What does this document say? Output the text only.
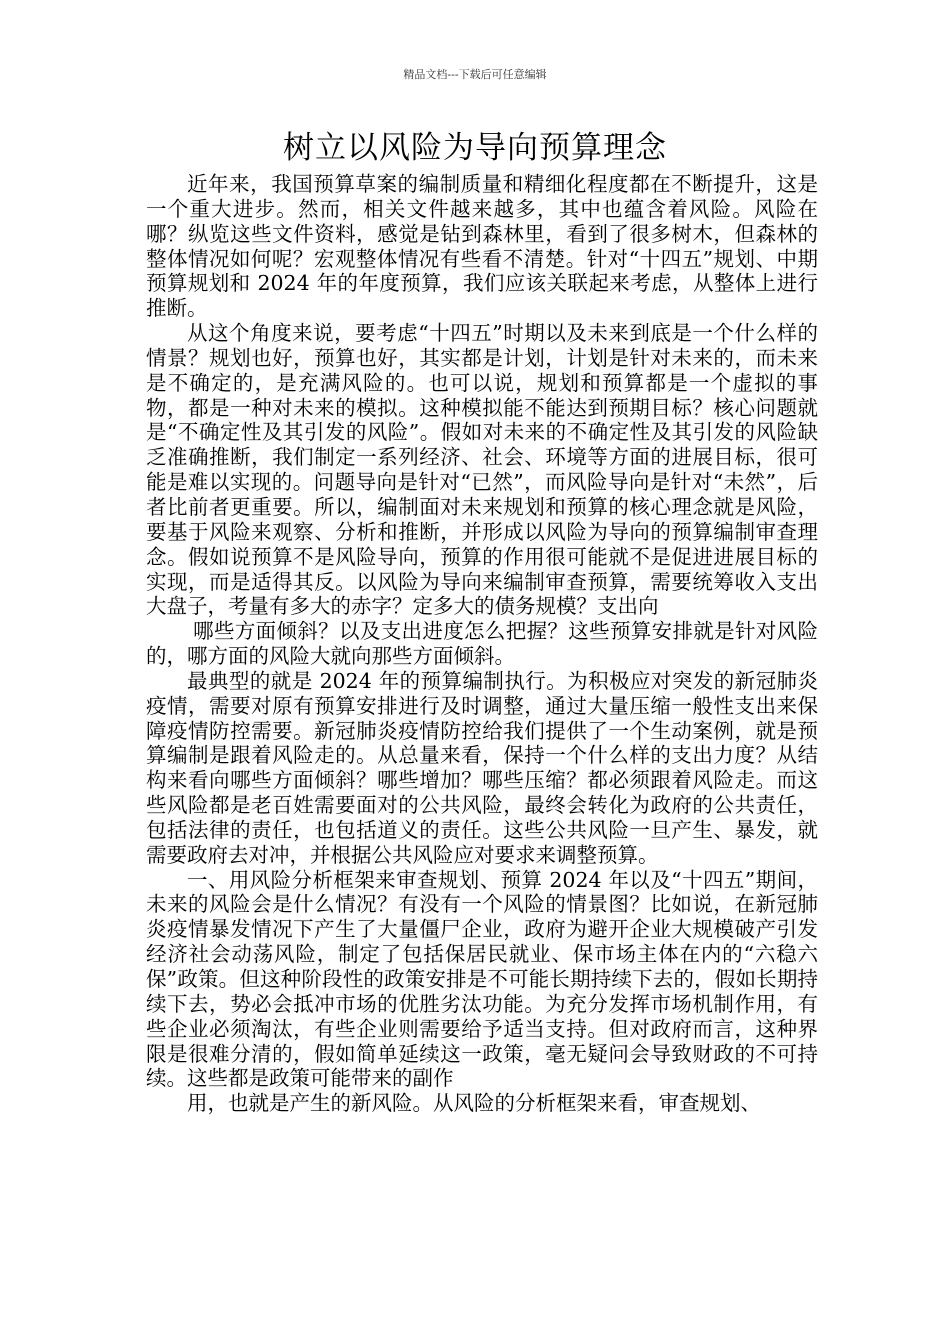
精品文档---下载后可任意编辑
树立以风险为导向预算理念

近年来，我国预算草案的编制质量和精细化程度都在不断提升，这是一个重大进步。然而，相关文件越来越多，其中也蕴含着风险。风险在哪？纵览这些文件资料，感觉是钻到森林里，看到了很多树木，但森林的整体情况如何呢？宏观整体情况有些看不清楚。针对“十四五”规划、中期预算规划和 2024 年的年度预算，我们应该关联起来考虑，从整体上进行推断。

从这个角度来说，要考虑“十四五”时期以及未来到底是一个什么样的情景？规划也好，预算也好，其实都是计划，计划是针对未来的，而未来是不确定的，是充满风险的。也可以说，规划和预算都是一个虚拟的事物，都是一种对未来的模拟。这种模拟能不能达到预期目标？核心问题就是“不确定性及其引发的风险”。假如对未来的不确定性及其引发的风险缺乏准确推断，我们制定一系列经济、社会、环境等方面的进展目标，很可能是难以实现的。问题导向是针对“已然”，而风险导向是针对“未然”，后者比前者更重要。所以，编制面对未来规划和预算的核心理念就是风险，要基于风险来观察、分析和推断，并形成以风险为导向的预算编制审查理念。假如说预算不是风险导向，预算的作用很可能就不是促进进展目标的实现，而是适得其反。以风险为导向来编制审查预算，需要统筹收入支出大盘子，考量有多大的赤字？定多大的债务规模？支出向

哪些方面倾斜？以及支出进度怎么把握？这些预算安排就是针对风险的，哪方面的风险大就向那些方面倾斜。

最典型的就是 2024 年的预算编制执行。为积极应对突发的新冠肺炎疫情，需要对原有预算安排进行及时调整，通过大量压缩一般性支出来保障疫情防控需要。新冠肺炎疫情防控给我们提供了一个生动案例，就是预算编制是跟着风险走的。从总量来看，保持一个什么样的支出力度？从结构来看向哪些方面倾斜？哪些增加？哪些压缩？都必须跟着风险走。而这些风险都是老百姓需要面对的公共风险，最终会转化为政府的公共责任，包括法律的责任，也包括道义的责任。这些公共风险一旦产生、暴发，就需要政府去对冲，并根据公共风险应对要求来调整预算。

一、用风险分析框架来审查规划、预算 2024 年以及“十四五”期间，未来的风险会是什么情况？有没有一个风险的情景图？比如说，在新冠肺炎疫情暴发情况下产生了大量僵尸企业，政府为避开企业大规模破产引发经济社会动荡风险，制定了包括保居民就业、保市场主体在内的“六稳六保”政策。但这种阶段性的政策安排是不可能长期持续下去的，假如长期持续下去，势必会抵冲市场的优胜劣汰功能。为充分发挥市场机制作用，有些企业必须淘汰，有些企业则需要给予适当支持。但对政府而言，这种界限是很难分清的，假如简单延续这一政策，毫无疑问会导致财政的不可持续。这些都是政策可能带来的副作

用，也就是产生的新风险。从风险的分析框架来看，审查规划、
